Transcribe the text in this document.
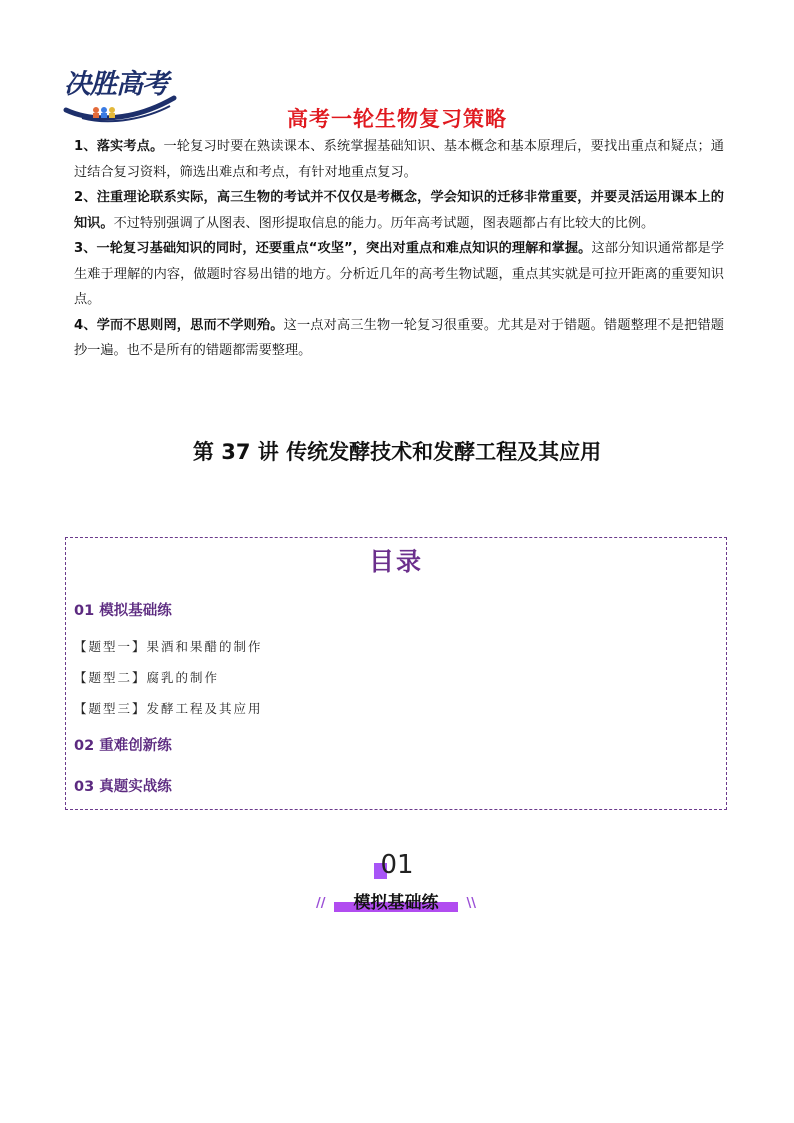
决胜高考
高考一轮生物复习策略

1、落实考点。一轮复习时要在熟读课本、系统掌握基础知识、基本概念和基本原理后，要找出重点和疑点；通过结合复习资料，筛选出难点和考点，有针对地重点复习。

2、注重理论联系实际，高三生物的考试并不仅仅是考概念，学会知识的迁移非常重要，并要灵活运用课本上的知识。不过特别强调了从图表、图形提取信息的能力。历年高考试题，图表题都占有比较大的比例。

3、一轮复习基础知识的同时，还要重点“攻坚”，突出对重点和难点知识的理解和掌握。这部分知识通常都是学生难于理解的内容，做题时容易出错的地方。分析近几年的高考生物试题，重点其实就是可拉开距离的重要知识点。

4、学而不思则罔，思而不学则殆。这一点对高三生物一轮复习很重要。尤其是对于错题。错题整理不是把错题抄一遍。也不是所有的错题都需要整理。

第 37 讲 传统发酵技术和发酵工程及其应用
目录
01 模拟基础练
【题型一】果酒和果醋的制作
【题型二】腐乳的制作
【题型三】发酵工程及其应用
02 重难创新练
03 真题实战练
01
//	模拟基础练	\\
